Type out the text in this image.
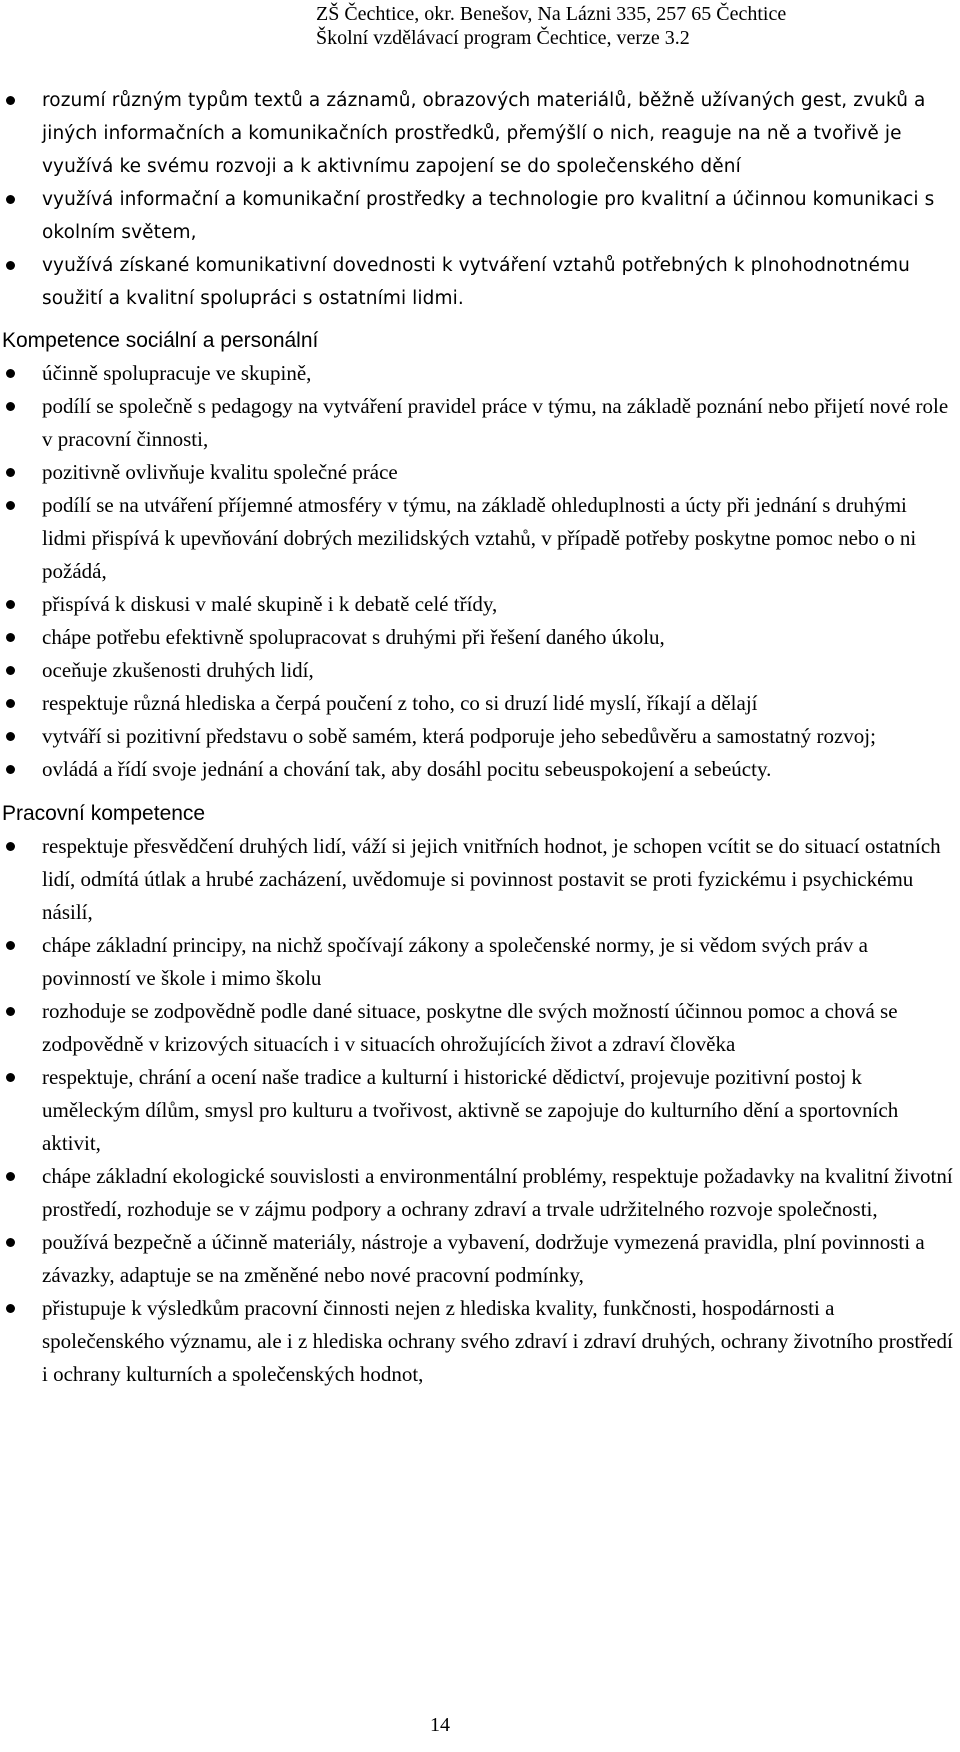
ZŠ Čechtice, okr. Benešov, Na Lázni 335, 257 65 Čechtice
Školní vzdělávací program Čechtice, verze 3.2
rozumí různým typům textů a záznamů, obrazových materiálů, běžně užívaných gest, zvuků a jiných informačních a komunikačních prostředků, přemýšlí o nich, reaguje na ně a tvořivě je využívá ke svému rozvoji a k aktivnímu zapojení se do společenského dění
využívá informační a komunikační prostředky a technologie pro kvalitní a účinnou komunikaci s okolním světem,
využívá získané komunikativní dovednosti k vytváření vztahů potřebných k plnohodnotnému soužití a kvalitní spolupráci s ostatními lidmi.
Kompetence sociální a personální
účinně spolupracuje ve skupině,
podílí se společně s pedagogy na vytváření pravidel práce v týmu, na základě poznání nebo přijetí nové role v pracovní činnosti,
pozitivně ovlivňuje kvalitu společné práce
podílí se na utváření příjemné atmosféry v týmu, na základě ohleduplnosti a úcty při jednání s druhými lidmi přispívá k upevňování dobrých mezilidských vztahů, v případě potřeby poskytne pomoc nebo o ni požádá,
přispívá k diskusi v malé skupině i k debatě celé třídy,
chápe potřebu efektivně spolupracovat s druhými při řešení daného úkolu,
oceňuje zkušenosti druhých lidí,
respektuje různá hlediska a čerpá poučení z toho, co si druzí lidé myslí, říkají a dělají
vytváří si pozitivní představu o sobě samém, která podporuje jeho sebedůvěru a samostatný rozvoj;
ovládá a řídí svoje jednání a chování tak, aby dosáhl pocitu sebeuspokojení a sebeúcty.
Pracovní kompetence
respektuje přesvědčení druhých lidí, váží si jejich vnitřních hodnot, je schopen vcítit se do situací ostatních lidí, odmítá útlak a hrubé zacházení, uvědomuje si povinnost postavit se proti fyzickému i psychickému násilí,
chápe základní principy, na nichž spočívají zákony a společenské normy, je si vědom svých práv a povinností ve škole i mimo školu
rozhoduje se zodpovědně podle dané situace, poskytne dle svých možností účinnou pomoc a chová se zodpovědně v krizových situacích i v situacích ohrožujících život a zdraví člověka
respektuje, chrání a ocení naše tradice a kulturní i historické dědictví, projevuje pozitivní postoj k uměleckým dílům, smysl pro kulturu a tvořivost, aktivně se zapojuje do kulturního dění a sportovních aktivit,
chápe základní ekologické souvislosti a environmentální problémy, respektuje požadavky na kvalitní životní prostředí, rozhoduje se v zájmu podpory a ochrany zdraví a trvale udržitelného rozvoje společnosti,
používá bezpečně a účinně materiály, nástroje a vybavení, dodržuje vymezená pravidla, plní povinnosti a závazky, adaptuje se na změněné nebo nové pracovní podmínky,
přistupuje k výsledkům pracovní činnosti nejen z hlediska kvality, funkčnosti, hospodárnosti a společenského významu, ale i z hlediska ochrany svého zdraví i zdraví druhých, ochrany životního prostředí i ochrany kulturních a společenských hodnot,
14
